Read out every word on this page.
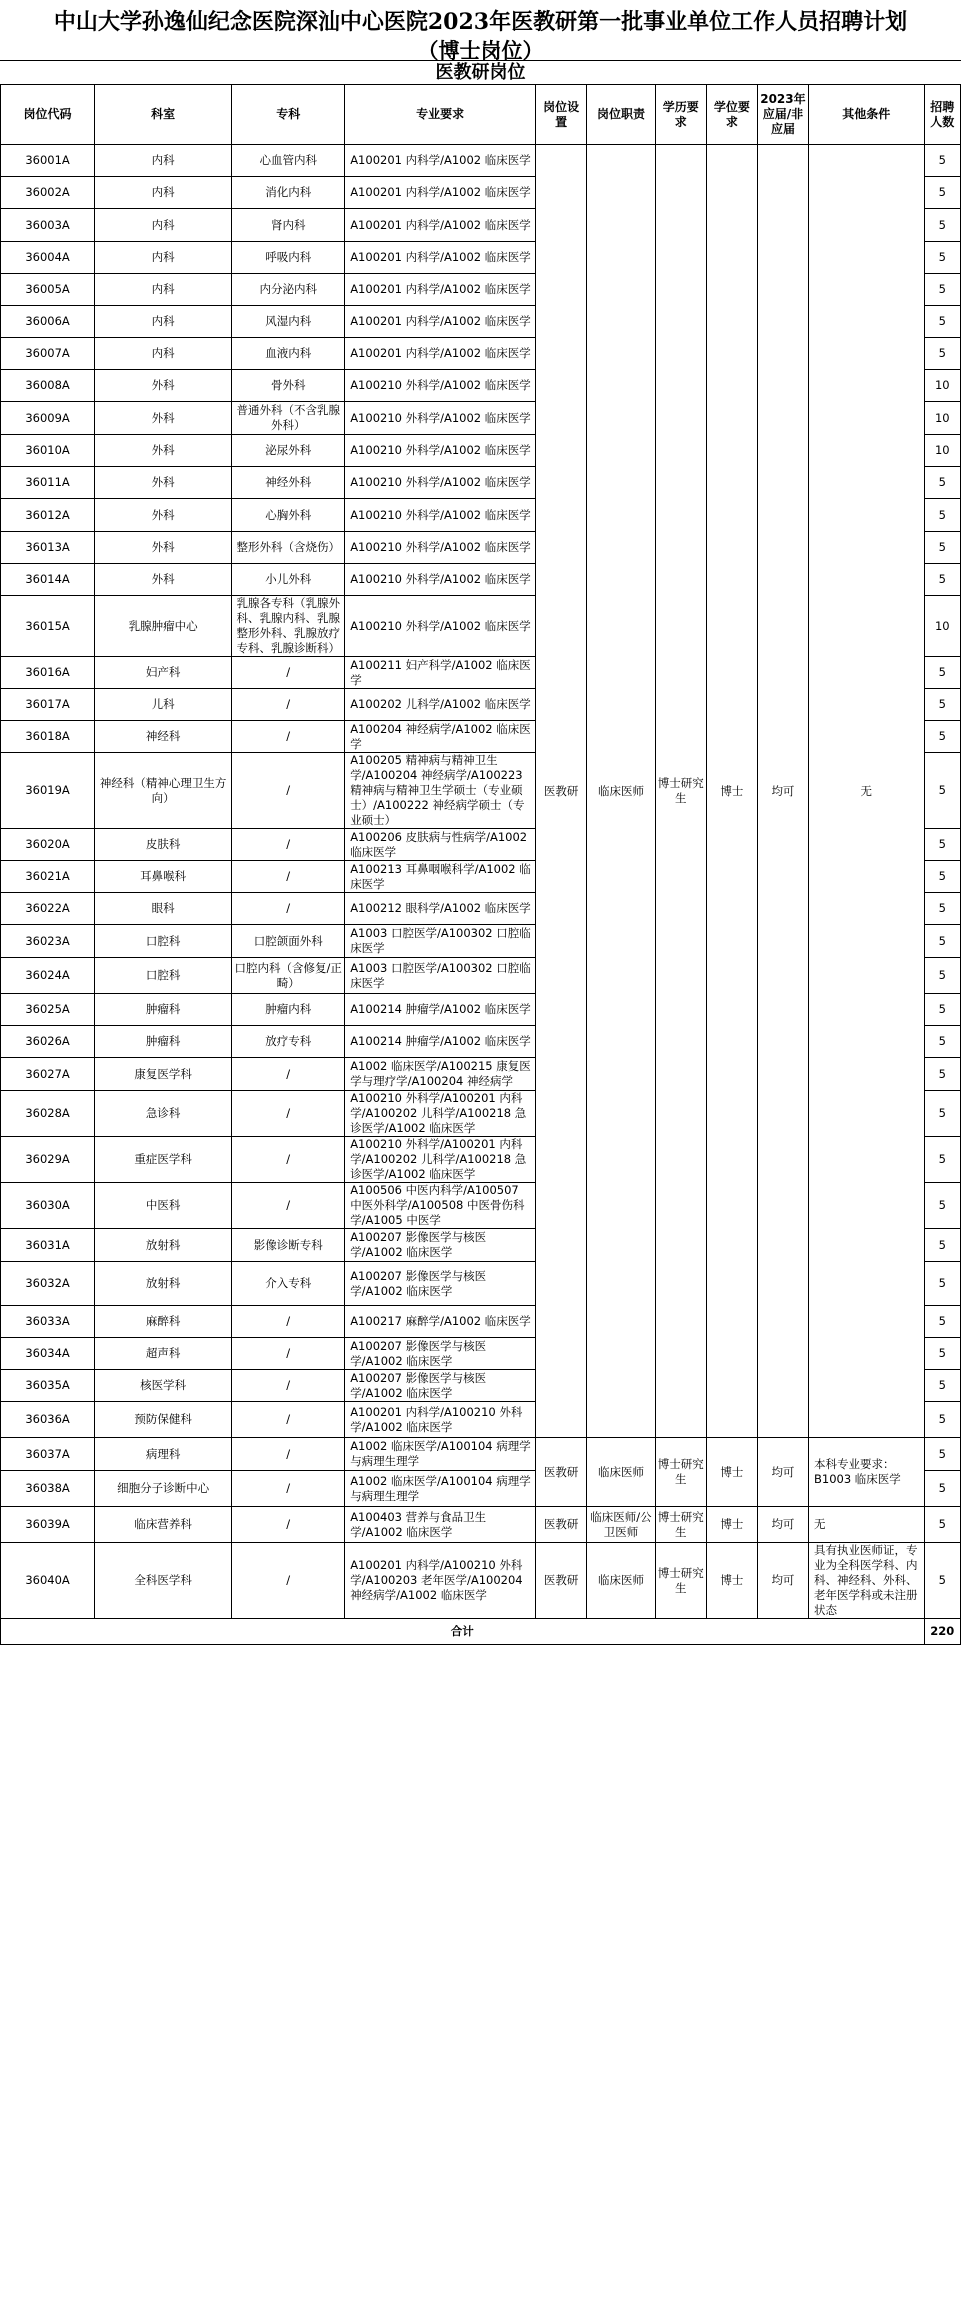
中山大学孙逸仙纪念医院深汕中心医院2023年医教研第一批事业单位工作人员招聘计划
（博士岗位）
医教研岗位
岗位代码	科室	专科	专业要求	岗位设置	岗位职责	学历要求	学位要求	2023年应届/非应届	其他条件	招聘人数
36001A	内科	心血管内科	A100201 内科学/A1002 临床医学	医教研	临床医师	博士研究生	博士	均可	无	5
36002A	内科	消化内科	A100201 内科学/A1002 临床医学							5
36003A	内科	肾内科	A100201 内科学/A1002 临床医学							5
36004A	内科	呼吸内科	A100201 内科学/A1002 临床医学							5
36005A	内科	内分泌内科	A100201 内科学/A1002 临床医学							5
36006A	内科	风湿内科	A100201 内科学/A1002 临床医学							5
36007A	内科	血液内科	A100201 内科学/A1002 临床医学							5
36008A	外科	骨外科	A100210 外科学/A1002 临床医学							10
36009A	外科	普通外科（不含乳腺外科）	A100210 外科学/A1002 临床医学							10
36010A	外科	泌尿外科	A100210 外科学/A1002 临床医学							10
36011A	外科	神经外科	A100210 外科学/A1002 临床医学							5
36012A	外科	心胸外科	A100210 外科学/A1002 临床医学							5
36013A	外科	整形外科（含烧伤）	A100210 外科学/A1002 临床医学							5
36014A	外科	小儿外科	A100210 外科学/A1002 临床医学							5
36015A	乳腺肿瘤中心	乳腺各专科（乳腺外科、乳腺内科、乳腺整形外科、乳腺放疗专科、乳腺诊断科）	A100210 外科学/A1002 临床医学							10
36016A	妇产科	/	A100211 妇产科学/A1002 临床医学							5
36017A	儿科	/	A100202 儿科学/A1002 临床医学							5
36018A	神经科	/	A100204 神经病学/A1002 临床医学							5
36019A	神经科（精神心理卫生方向）	/	A100205 精神病与精神卫生学/A100204 神经病学/A100223 精神病与精神卫生学硕士（专业硕士）/A100222 神经病学硕士（专业硕士）							5
36020A	皮肤科	/	A100206 皮肤病与性病学/A1002 临床医学							5
36021A	耳鼻喉科	/	A100213 耳鼻咽喉科学/A1002 临床医学							5
36022A	眼科	/	A100212 眼科学/A1002 临床医学							5
36023A	口腔科	口腔颌面外科	A1003 口腔医学/A100302 口腔临床医学							5
36024A	口腔科	口腔内科（含修复/正畸）	A1003 口腔医学/A100302 口腔临床医学							5
36025A	肿瘤科	肿瘤内科	A100214 肿瘤学/A1002 临床医学							5
36026A	肿瘤科	放疗专科	A100214 肿瘤学/A1002 临床医学							5
36027A	康复医学科	/	A1002 临床医学/A100215 康复医学与理疗学/A100204 神经病学							5
36028A	急诊科	/	A100210 外科学/A100201 内科学/A100202 儿科学/A100218 急诊医学/A1002 临床医学							5
36029A	重症医学科	/	A100210 外科学/A100201 内科学/A100202 儿科学/A100218 急诊医学/A1002 临床医学							5
36030A	中医科	/	A100506 中医内科学/A100507 中医外科学/A100508 中医骨伤科学/A1005 中医学							5
36031A	放射科	影像诊断专科	A100207 影像医学与核医学/A1002 临床医学							5
36032A	放射科	介入专科	A100207 影像医学与核医学/A1002 临床医学							5
36033A	麻醉科	/	A100217 麻醉学/A1002 临床医学							5
36034A	超声科	/	A100207 影像医学与核医学/A1002 临床医学							5
36035A	核医学科	/	A100207 影像医学与核医学/A1002 临床医学							5
36036A	预防保健科	/	A100201 内科学/A100210 外科学/A1002 临床医学							5
36037A	病理科	/	A1002 临床医学/A100104 病理学与病理生理学	医教研	临床医师	博士研究生	博士	均可	本科专业要求：B1003 临床医学	5
36038A	细胞分子诊断中心	/	A1002 临床医学/A100104 病理学与病理生理学							5
36039A	临床营养科	/	A100403 营养与食品卫生学/A1002 临床医学	医教研	临床医师/公卫医师	博士研究生	博士	均可	无	5
36040A	全科医学科	/	A100201 内科学/A100210 外科学/A100203 老年医学/A100204 神经病学/A1002 临床医学	医教研	临床医师	博士研究生	博士	均可	具有执业医师证，专业为全科医学科、内科、神经科、外科、老年医学科或未注册状态	5
合计										220
